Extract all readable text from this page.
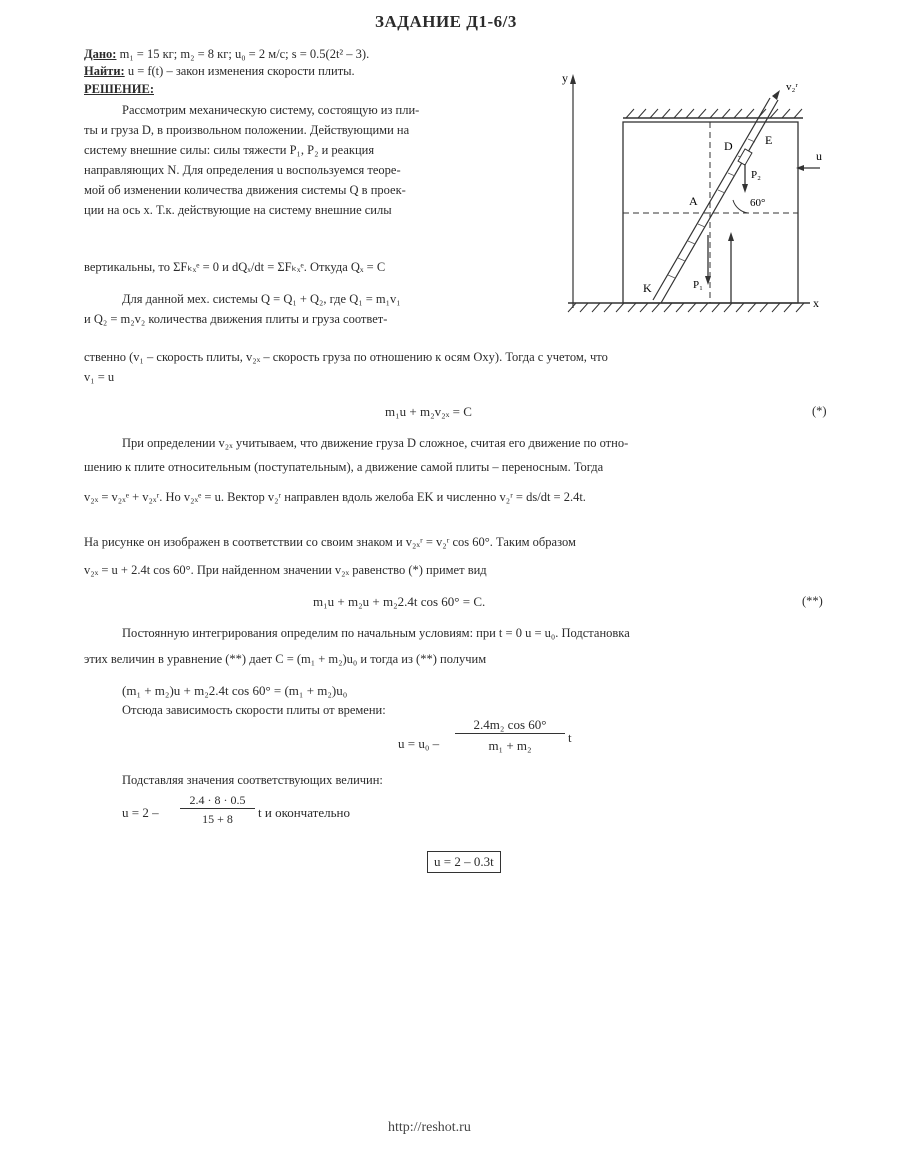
ЗАДАНИЕ Д1-6/3
Дано: m₁ = 15 кг; m₂ = 8 кг; u₀ = 2 м/с; s = 0.5(2t² – 3).
Найти: u = f(t) – закон изменения скорости плиты.
РЕШЕНИЕ:
Рассмотрим механическую систему, состоящую из пли-
ты и груза D, в произвольном положении. Действующими на
систему внешние силы: силы тяжести P₁, P₂ и реакция
направляющих N. Для определения u воспользуемся теоре-
мой об изменении количества движения системы Q в проек-
ции на ось x. Т.к. действующие на систему внешние силы
вертикальны, то ΣFₖₓᵉ = 0 и dQₓ/dt = ΣFₖₓᵉ. Откуда Qₓ = C
Для данной мех. системы Q = Q₁ + Q₂, где Q₁ = m₁v₁
и Q₂ = m₂v₂ количества движения плиты и груза соответ-
ственно (v₁ – скорость плиты, v₂ₓ – скорость груза по отношению к осям Oxy). Тогда с учетом, что
v₁ = u
m₁u + m₂v₂ₓ = C	(*)
При определении v₂ₓ учитываем, что движение груза D сложное, считая его движение по отно-
шению к плите относительным (поступательным), а движение самой плиты – переносным. Тогда
v₂ₓ = v₂ₓᵉ + v₂ₓʳ. Но v₂ₓᵉ = u. Вектор v₂ʳ направлен вдоль желоба EK и численно v₂ʳ = ds/dt = 2.4t.
На рисунке он изображен в соответствии со своим знаком и v₂ₓʳ = v₂ʳ cos 60°. Таким образом
v₂ₓ = u + 2.4t cos 60°. При найденном значении v₂ₓ равенство (*) примет вид
m₁u + m₂u + m₂2.4t cos 60° = C.	(**)
Постоянную интегрирования определим по начальным условиям: при t = 0 u = u₀. Подстановка
этих величин в уравнение (**) дает C = (m₁ + m₂)u₀ и тогда из (**) получим
(m₁ + m₂)u + m₂2.4t cos 60° = (m₁ + m₂)u₀
Отсюда зависимость скорости плиты от времени:
u = u₀ –
2.4m₂ cos 60°
m₁ + m₂
t
Подставляя значения соответствующих величин:
u = 2 –
2.4 · 8 · 0.5
15 + 8	t и окончательно
u = 2 – 0.3t
y
x
v₂ʳ
D	E
P₂
60°
A
u
P₁
K
http://reshot.ru
